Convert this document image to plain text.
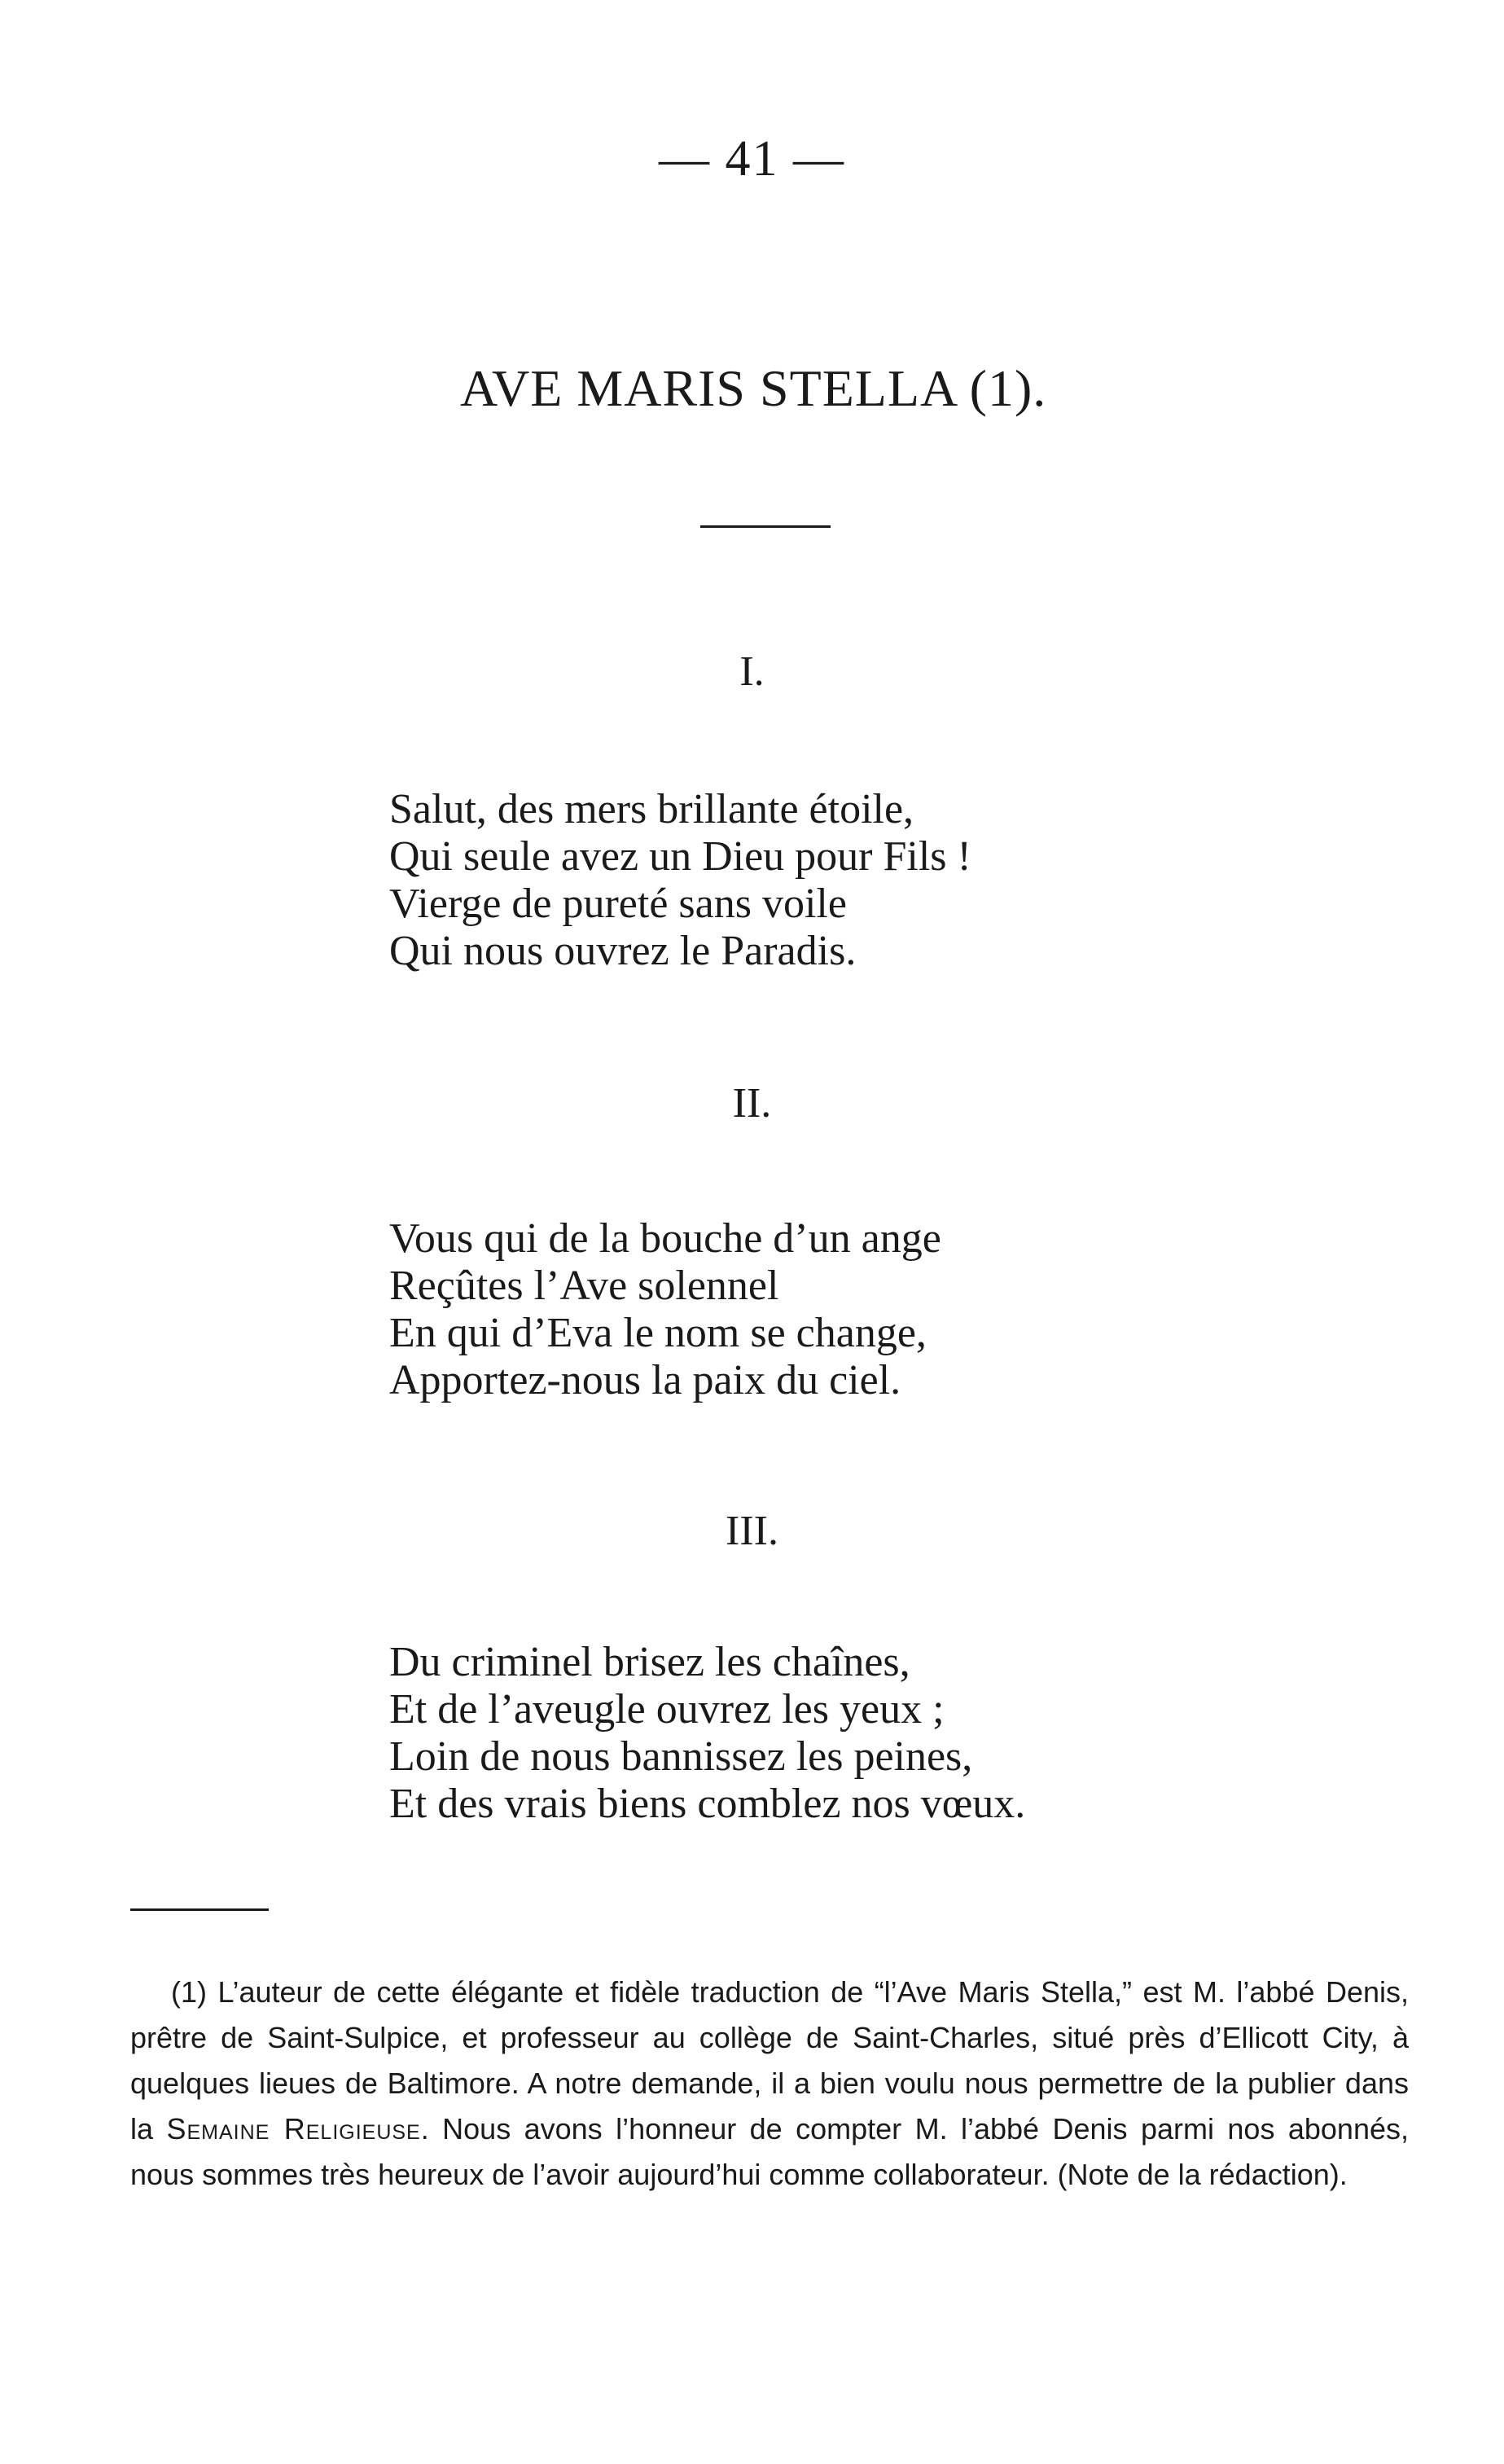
— 41 —
AVE MARIS STELLA (1).
I.
Salut, des mers brillante étoile,
Qui seule avez un Dieu pour Fils !
Vierge de pureté sans voile
Qui nous ouvrez le Paradis.
II.
Vous qui de la bouche d’un ange
Reçûtes l’Ave solennel
En qui d’Eva le nom se change,
Apportez-nous la paix du ciel.
III.
Du criminel brisez les chaînes,
Et de l’aveugle ouvrez les yeux ;
Loin de nous bannissez les peines,
Et des vrais biens comblez nos vœux.
(1) L’auteur de cette élégante et fidèle traduction de “l’Ave Maris Stella,” est M. l’abbé Denis, prêtre de Saint-Sulpice, et professeur au collège de Saint-Charles, situé près d’Ellicott City, à quelques lieues de Baltimore. A notre demande, il a bien voulu nous permettre de la publier dans la Semaine Religieuse. Nous avons l’honneur de compter M. l’abbé Denis parmi nos abonnés, nous sommes très heureux de l’avoir aujourd’hui comme collaborateur. (Note de la rédaction).
